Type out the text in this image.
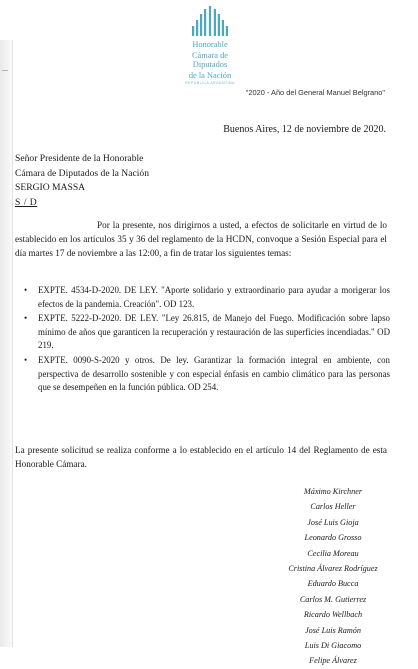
Honorable
Cámara de Diputados
de la Nación
REPÚBLICA ARGENTINA
"2020 - Año del General Manuel Belgrano"
Buenos Aires, 12 de noviembre de 2020.
Señor Presidente de la Honorable
Cámara de Diputados de la Nación
SERGIO MASSA
S / D
Por la presente, nos dirigirnos a usted, a efectos de solicitarle en virtud de lo establecido en los artículos 35 y 36 del reglamento de la HCDN, convoque a Sesión Especial para el día martes 17 de noviembre a las 12:00, a fin de tratar los siguientes temas:
• EXPTE. 4534-D-2020. DE LEY. "Aporte solidario y extraordinario para ayudar a morigerar los efectos de la pandemia. Creación". OD 123.
• EXPTE. 5222-D-2020. DE LEY. "Ley 26.815, de Manejo del Fuego. Modificación sobre lapso mínimo de años que garanticen la recuperación y restauración de las superficies incendiadas." OD 219.
• EXPTE. 0090-S-2020 y otros. De ley. Garantizar la formación integral en ambiente, con perspectiva de desarrollo sostenible y con especial énfasis en cambio climático para las personas que se desempeñen en la función pública. OD 254.
La presente solicitud se realiza conforme a lo establecido en el artículo 14 del Reglamento de esta Honorable Cámara.
Máximo Kirchner
Carlos Heller
José Luis Gioja
Leonardo Grosso
Cecilia Moreau
Cristina Álvarez Rodríguez
Eduardo Bucca
Carlos M. Gutierrez
Ricardo Wellbach
José Luis Ramón
Luis Di Giacomo
Felipe Álvarez
